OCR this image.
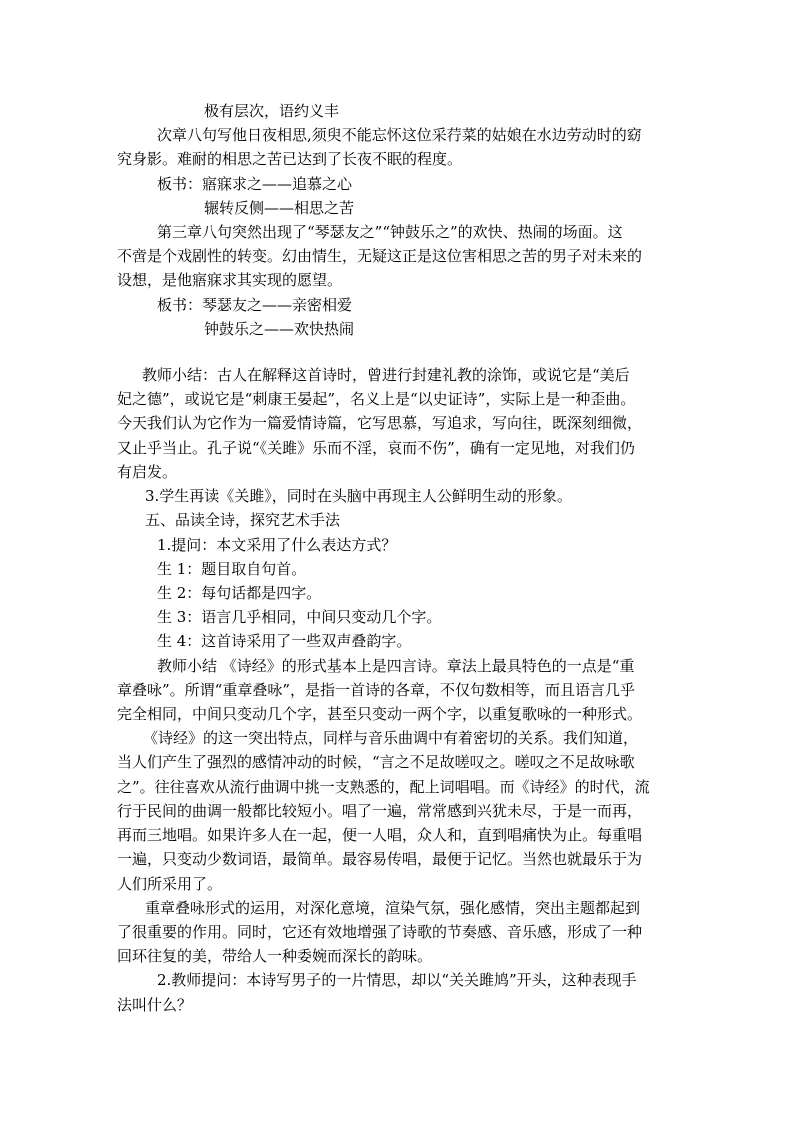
极有层次，语约义丰
次章八句写他日夜相思,须臾不能忘怀这位采荇菜的姑娘在水边劳动时的窈
究身影。难耐的相思之苦已达到了长夜不眠的程度。
板书：寤寐求之——追慕之心
辗转反侧——相思之苦
第三章八句突然出现了“琴瑟友之”“钟鼓乐之”的欢快、热闹的场面。这
不啻是个戏剧性的转变。幻由情生，无疑这正是这位害相思之苦的男子对未来的
设想，是他寤寐求其实现的愿望。
板书：琴瑟友之——亲密相爱
钟鼓乐之——欢快热闹
教师小结：古人在解释这首诗时，曾进行封建礼教的涂饰，或说它是“美后
妃之德”，或说它是“刺康王晏起”，名义上是“以史证诗”，实际上是一种歪曲。
今天我们认为它作为一篇爱情诗篇，它写思慕，写追求，写向往，既深刻细微，
又止乎当止。孔子说“《关雎》乐而不淫，哀而不伤”，确有一定见地，对我们仍
有启发。
3.学生再读《关雎》，同时在头脑中再现主人公鲜明生动的形象。
五、品读全诗，探究艺术手法
1.提问：本文采用了什么表达方式？
生 1：题目取自句首。
生 2：每句话都是四字。
生 3：语言几乎相同，中间只变动几个字。
生 4：这首诗采用了一些双声叠韵字。
教师小结 《诗经》的形式基本上是四言诗。章法上最具特色的一点是“重
章叠咏”。所谓“重章叠咏”，是指一首诗的各章，不仅句数相等，而且语言几乎
完全相同，中间只变动几个字，甚至只变动一两个字，以重复歌咏的一种形式。
《诗经》的这一突出特点，同样与音乐曲调中有着密切的关系。我们知道，
当人们产生了强烈的感情冲动的时候，“言之不足故嗟叹之。嗟叹之不足故咏歌
之”。往往喜欢从流行曲调中挑一支熟悉的，配上词唱唱。而《诗经》的时代，流
行于民间的曲调一般都比较短小。唱了一遍，常常感到兴犹未尽，于是一而再，
再而三地唱。如果许多人在一起，便一人唱，众人和，直到唱痛快为止。每重唱
一遍，只变动少数词语，最简单。最容易传唱，最便于记忆。当然也就最乐于为
人们所采用了。
重章叠咏形式的运用，对深化意境，渲染气氛，强化感情，突出主题都起到
了很重要的作用。同时，它还有效地增强了诗歌的节奏感、音乐感，形成了一种
回环往复的美，带给人一种委婉而深长的韵味。
2.教师提问：本诗写男子的一片情思，却以“关关雎鸠”开头，这种表现手
法叫什么？
